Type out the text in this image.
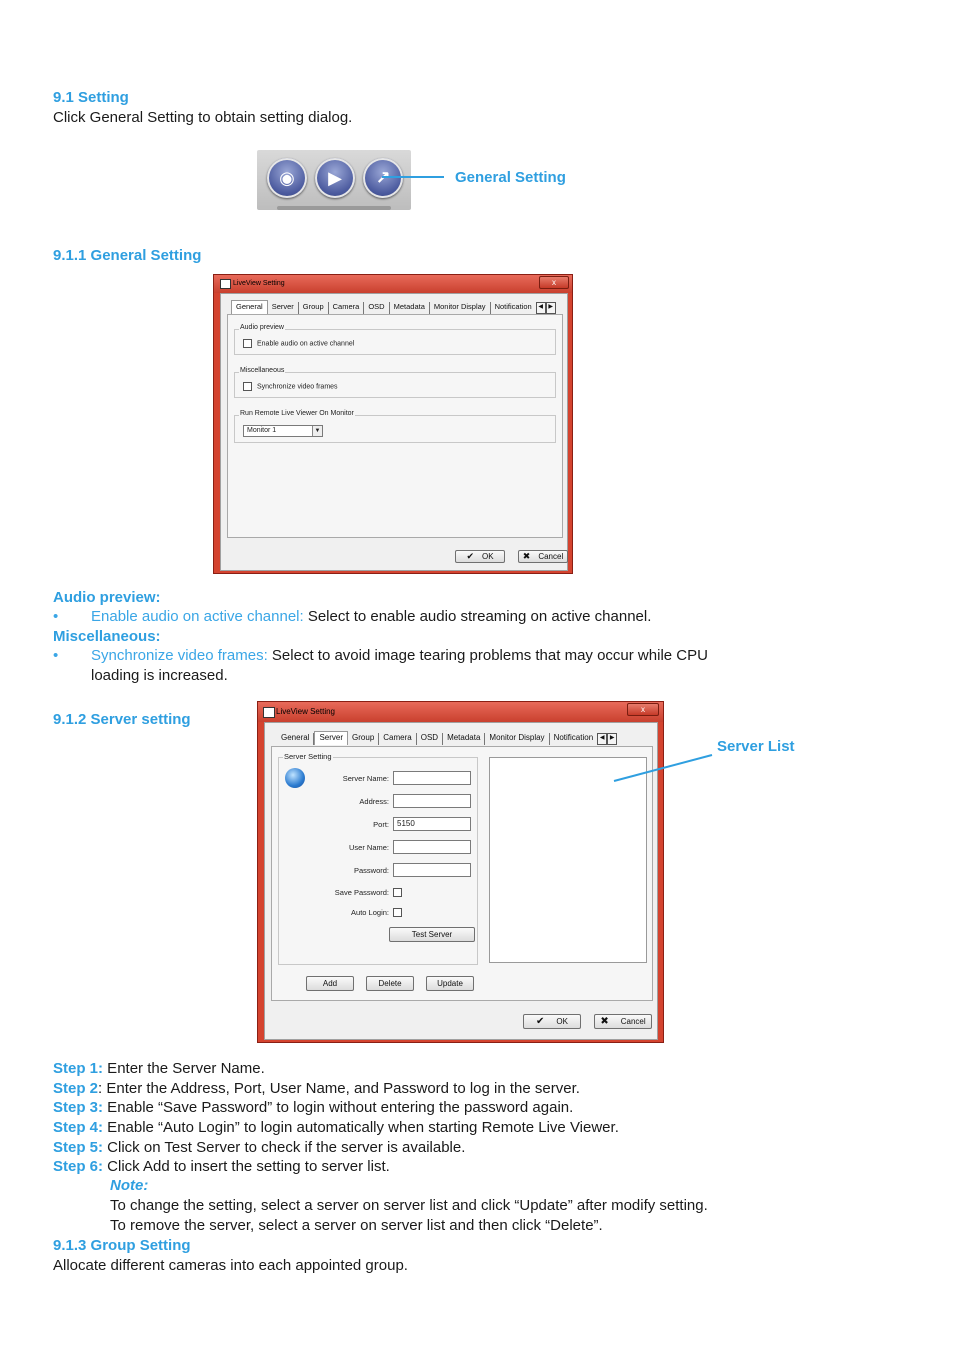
9.1 Setting
Click General Setting to obtain setting dialog.
◉	▶	↗	General Setting
9.1.1 General Setting
LiveView Setting	x
General	Server	Group	Camera	OSD	Metadata	Monitor Display	Notification	◀ ▶
Audio preview
Enable audio on active channel
Miscellaneous
Synchronize video frames
Run Remote Live Viewer On Monitor
Monitor 1	▼
✔ OK	✖ Cancel
Audio preview:
• Enable audio on active channel: Select to enable audio streaming on active channel.
Miscellaneous:
• Synchronize video frames: Select to avoid image tearing problems that may occur while CPU
loading is increased.
9.1.2 Server setting	LiveView Setting	x
General	Server	Group	Camera	OSD	Metadata	Monitor Display	Notification	◀ ▶
Server Setting
Server Name:
Address:
Port:	5150
User Name:
Password:
Save Password:
Auto Login:
Test Server
Add	Delete	Update
✔ OK	✖ Cancel
Server List
Step 1: Enter the Server Name.
Step 2: Enter the Address, Port, User Name, and Password to log in the server.
Step 3: Enable “Save Password” to login without entering the password again.
Step 4: Enable “Auto Login” to login automatically when starting Remote Live Viewer.
Step 5: Click on Test Server to check if the server is available.
Step 6: Click Add to insert the setting to server list.
Note:
To change the setting, select a server on server list and click “Update” after modify setting.
To remove the server, select a server on server list and then click “Delete”.
9.1.3 Group Setting
Allocate different cameras into each appointed group.
